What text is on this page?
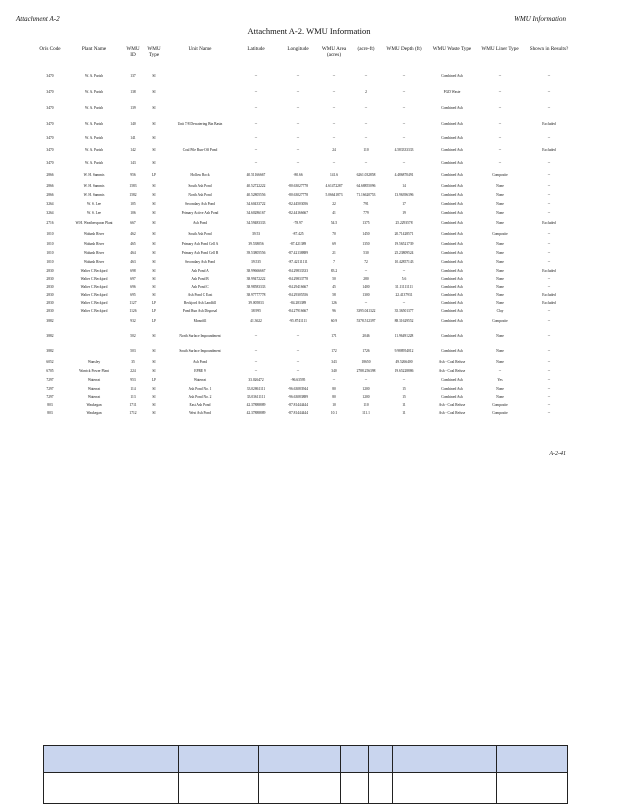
Attachment A-2	WMU Information
Attachment A-2. WMU Information
Orís Code	Plant Name	WMU ID	WMU Type	Unit Name	Latitude	Longitude	WMU Area (acres)	(acre-ft)	WMU Depth (ft)	WMU Waste Type	WMU Liner Type	Shown in Results?
3470	W. A. Parish	137	SI		--	--	--	--	--	Combined Ash	--	--
3470	W. A. Parish	138	SI		--	--	--	2	--	FGD Waste	--	--
3470	W. A. Parish	139	SI		--	--	--	--	--	Combined Ash	--	--
3470	W. A. Parish	140	SI	Unit 7/8 Dewatering Bin Basin	--	--	--	--	--	Combined Ash	--	Excluded
3470	W. A. Parish	141	SI		--	--	--	--	--	Combined Ash	--	--
3470	W. A. Parish	142	SI	Coal Pile Run-Off Pond	--	--	24	110	4.583333333	Combined Ash	--	Excluded
3470	W. A. Parish	143	SI		--	--	--	--	--	Combined Ash	--	--
2866	W. H. Sammis	956	LF	Hollow Rock	40.51166667	-80.66	141.6	6261.032858	4.486870491	Combined Ash	Composite	--
2866	W. H. Sammis	1583	SI	South Ash Pond	40.52722222	-80.63027778	4.61472287	64.68855096	14	Combined Ash	None	--
2866	W. H. Sammis	1582	SI	North Ash Pond	40.52805556	-80.63027778	5.06641873	71.16620753	13.96396396	Combined Ash	None	--
3264	W. S. Lee	105	SI	Secondary Ash Pond	34.60433722	-82.44503056	22	791	17	Combined Ash	None	--
3264	W. S. Lee	106	SI	Primary Active Ash Pond	34.60286167	-82.44166667	41	779	19	Combined Ash	None	--
2716	W.H. Weatherspoon Plant	667	SI	Ash Pond	34.59483333	-78.97	54.5	1375	25.2293578	Combined Ash	None	Excluded
1010	Wabash River	462	SI	South Ash Pond	39.53	-87.425	70	1450	20.71428571	Combined Ash	Composite	--
1010	Wabash River	465	SI	Primary Ash Pond Cell A	39.538056	-87.421389	69	1350	19.56521739	Combined Ash	None	--
1010	Wabash River	464	SI	Primary Ash Pond Cell B	39.53805556	-87.42138889	21	530	25.23809524	Combined Ash	None	--
1010	Wabash River	463	SI	Secondary Ash Pond	39.535	-87.42111111	7	72	10.42857143	Combined Ash	None	--
2830	Walter C Beckjord	698	SI	Ash Pond A	38.99666667	-84.29833333	83.2	--	--	Combined Ash	None	Excluded
2830	Walter C Beckjord	697	SI	Ash Pond B	38.99472222	-84.29833778	50	280	5.6	Combined Ash	None	--
2830	Walter C Beckjord	696	SI	Ash Pond C	38.98583333	-84.29416667	45	1400	31.11111111	Combined Ash	None	--
2830	Walter C Beckjord	695	SI	Ash Pond C East	38.97777778	-84.29305556	58	1300	22.4137931	Combined Ash	None	Excluded
2830	Walter C Beckjord	1127	LF	Beckjord Ash Landfill	39.005833	-84.283389	126	--	--	Combined Ash	None	Excluded
2830	Walter C Beckjord	1126	LF	Pond Run Ash Disposal	38.995	-84.27916667	96	3395.041322	35.36501377	Combined Ash	Clay	--
3882		932	LF	Monofill	41.3622	-95.8741111	60.9	5378.512397	88.31629552	Combined Ash	Composite	--
3882		502	SI	North Surface Impoundment	--	--	171	2046	11.96491228	Combined Ash	None	--
3882		503	SI	South Surface Impoundment	--	--	172	1726	9.988954012	Combined Ash	None	--
6052	Wansley	35	SI	Ash Pond	--	--	343	18650	49.5266400	Ash - Coal Refuse	None	--
6705	Warrick Power Plant	224	SI	EPRE 9	--	--	340	2788.256398	19.65228886	Ash - Coal Refuse	--	--
7297	Waterrat	953	LF	Waterrat	33.026472	-96.63595	--	--	--	Combined Ash	Yes	--
7297	Waterrat	114	SI	Ash Pond No. 1	33.02861111	-96.63083944	80	1200	15	Combined Ash	None	--
7297	Waterrat	113	SI	Ash Pond No. 2	33.03611111	-96.63083889	80	1200	15	Combined Ash	None	--
803	Waukegan	1711	SI	East Ash Pond	42.37888889	-87.81444444	10	110	11	Ash - Coal Refuse	Composite	--
803	Waukegan	1712	SI	West Ash Pond	42.37888889	-87.81444444	10.1	111.1	11	Ash - Coal Refuse	Composite	--
A-2-41
